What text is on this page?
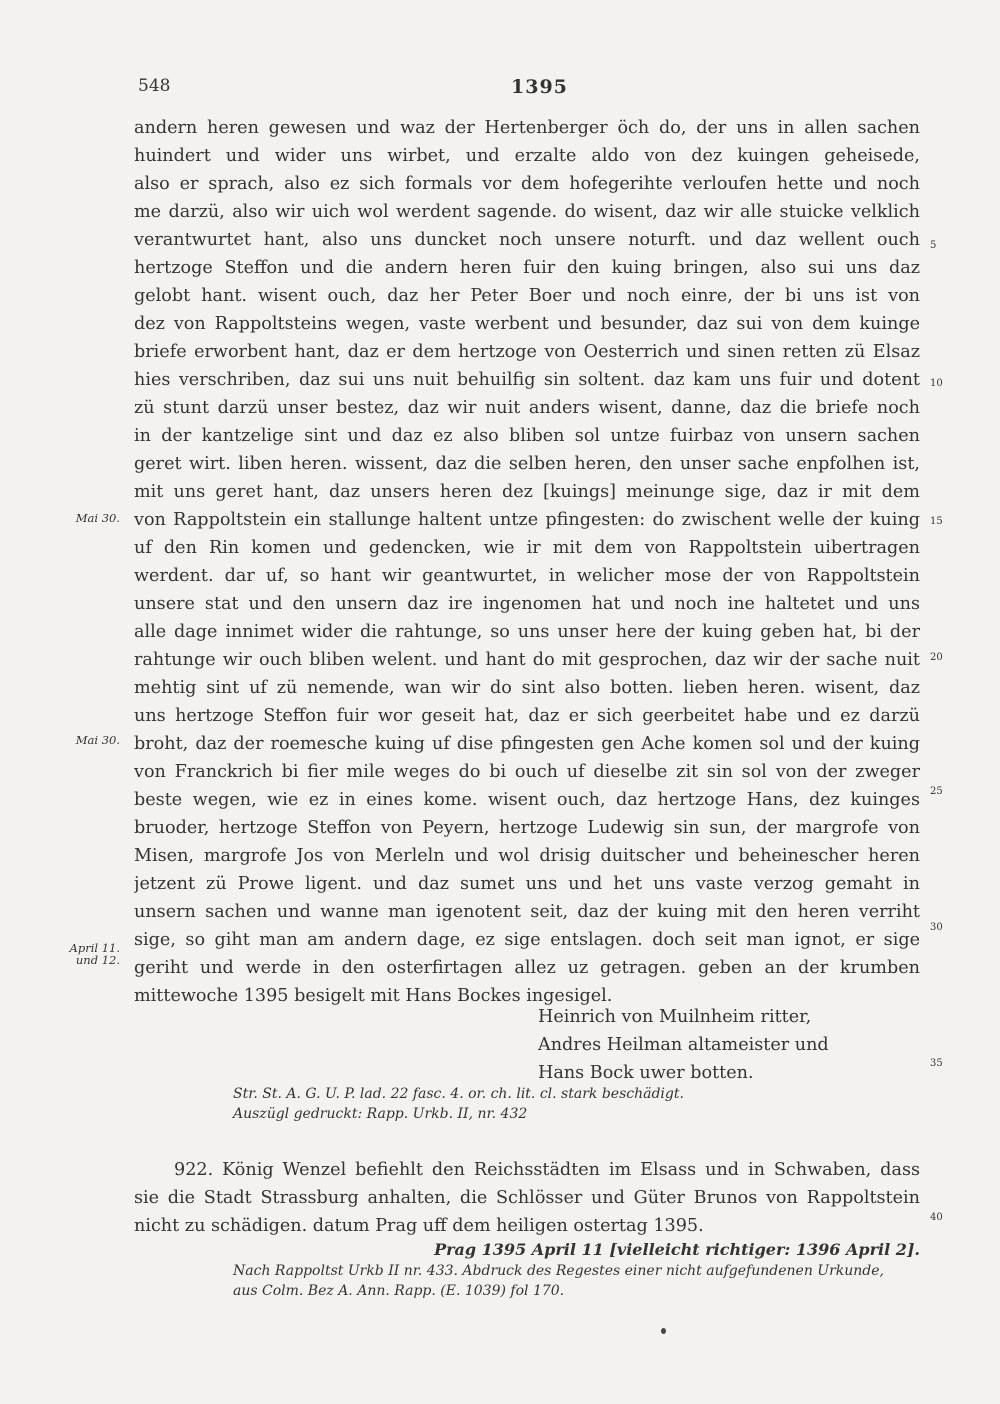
548	1395
andern heren gewesen und waz der Hertenberger öch do, der uns in allen sachen
huindert und wider uns wirbet, und erzalte aldo von dez kuingen geheisede,
also er sprach, also ez sich formals vor dem hofegerihte verloufen hette und noch
me darzü, also wir uich wol werdent sagende. do wisent, daz wir alle stuicke velklich
verantwurtet hant, also uns duncket noch unsere noturft. und daz wellent ouch
hertzoge Steffon und die andern heren fuir den kuing bringen, also sui uns daz
gelobt hant. wisent ouch, daz her Peter Boer und noch einre, der bi uns ist von
dez von Rappoltsteins wegen, vaste werbent und besunder, daz sui von dem kuinge
briefe erworbent hant, daz er dem hertzoge von Oesterrich und sinen retten zü Elsaz
hies verschriben, daz sui uns nuit behuilfig sin soltent. daz kam uns fuir und dotent
zü stunt darzü unser bestez, daz wir nuit anders wisent, danne, daz die briefe noch
in der kantzelige sint und daz ez also bliben sol untze fuirbaz von unsern sachen
geret wirt. liben heren. wissent, daz die selben heren, den unser sache enpfolhen ist,
mit uns geret hant, daz unsers heren dez [kuings] meinunge sige, daz ir mit dem
von Rappoltstein ein stallunge haltent untze pfingesten: do zwischent welle der kuing
uf den Rin komen und gedencken, wie ir mit dem von Rappoltstein uibertragen
werdent. dar uf, so hant wir geantwurtet, in welicher mose der von Rappoltstein
unsere stat und den unsern daz ire ingenomen hat und noch ine haltetet und uns
alle dage innimet wider die rahtunge, so uns unser here der kuing geben hat, bi der
rahtunge wir ouch bliben welent. und hant do mit gesprochen, daz wir der sache nuit
mehtig sint uf zü nemende, wan wir do sint also botten. lieben heren. wisent, daz
uns hertzoge Steffon fuir wor geseit hat, daz er sich geerbeitet habe und ez darzü
broht, daz der roemesche kuing uf dise pfingesten gen Ache komen sol und der kuing
von Franckrich bi fier mile weges do bi ouch uf dieselbe zit sin sol von der zweger
beste wegen, wie ez in eines kome. wisent ouch, daz hertzoge Hans, dez kuinges
bruoder, hertzoge Steffon von Peyern, hertzoge Ludewig sin sun, der margrofe von
Misen, margrofe Jos von Merleln und wol drisig duitscher und beheinescher heren
jetzent zü Prowe ligent. und daz sumet uns und het uns vaste verzog gemaht in
unsern sachen und wanne man igenotent seit, daz der kuing mit den heren verriht
sige, so giht man am andern dage, ez sige entslagen. doch seit man ignot, er sige
geriht und werde in den osterfirtagen allez uz getragen. geben an der krumben
mittewoche 1395 besigelt mit Hans Bockes ingesigel.
Heinrich von Muilnheim ritter,
Andres Heilman altameister und
Hans Bock uwer botten.
Str. St. A. G. U. P. lad. 22 fasc. 4. or. ch. lit. cl. stark beschädigt.
Auszügl gedruckt: Rapp. Urkb. II, nr. 432
922. König Wenzel befiehlt den Reichsstädten im Elsass und in Schwaben, dass
sie die Stadt Strassburg anhalten, die Schlösser und Güter Brunos von Rappoltstein
nicht zu schädigen. datum Prag uff dem heiligen ostertag 1395.
Prag 1395 April 11 [vielleicht richtiger: 1396 April 2].
Nach Rappoltst Urkb II nr. 433. Abdruck des Regestes einer nicht aufgefundenen Urkunde,
aus Colm. Bez A. Ann. Rapp. (E. 1039) fol 170.
Mai 30.
Mai 30.
April 11.
und 12.
5
10
15
20
25
30
35
40
